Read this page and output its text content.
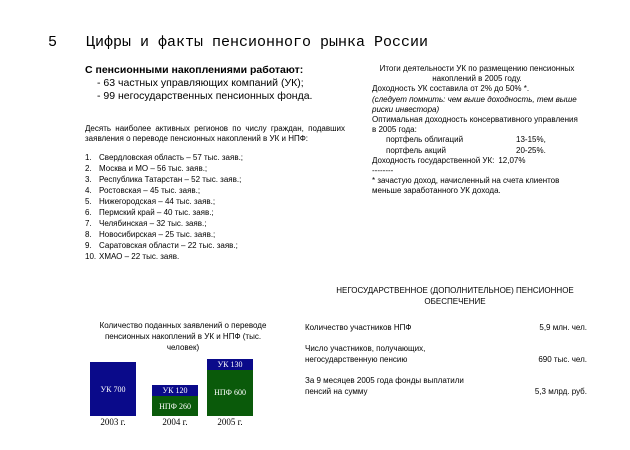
5 Цифры и факты пенсионного рынка России
С пенсионными накоплениями работают:
- 63 частных управляющих компаний (УК);
- 99 негосударственных пенсионных фонда.
Десять наиболее активных регионов по числу граждан, подавших заявления о переводе пенсионных накоплений в УК и НПФ:
1. Свердловская область – 57 тыс. заяв.;
2. Москва и МО – 56 тыс. заяв.;
3. Республика Татарстан – 52 тыс. заяв.;
4. Ростовская – 45 тыс. заяв.;
5. Нижегородская – 44 тыс. заяв.;
6. Пермский край – 40 тыс. заяв.;
7. Челябинская – 32 тыс. заяв.;
8. Новосибирская – 25 тыс. заяв.;
9. Саратовская области – 22 тыс. заяв.;
10. ХМАО – 22 тыс. заяв.
Итоги деятельности УК по размещению пенсионных накоплений в 2005 году.
Доходность УК составила от 2% до 50% *.
(следует помнить: чем выше доходность, тем выше риски инвестора)
Оптимальная доходность консервативного управления в 2005 года:
портфель облигаций	13-15%,
портфель акций	20-25%.
Доходность государственной УК: 12,07%
--------
* зачастую доход, начисленный на счета клиентов меньше заработанного УК дохода.
НЕГОСУДАРСТВЕННОЕ (ДОПОЛНИТЕЛЬНОЕ) ПЕНСИОННОЕ ОБЕСПЕЧЕНИЕ
Количество поданных заявлений о переводе пенсионных накоплений в УК и НПФ (тыс. человек)
УК 700
2003 г.
НПФ 260
УК 120
2004 г.
НПФ 600
УК 130
2005 г.
Количество участников НПФ	5,9 млн. чел.
Число участников, получающих, негосударственную пенсию	690 тыс. чел.
За 9 месяцев 2005 года фонды выплатили пенсий на сумму	5,3 млрд. руб.
